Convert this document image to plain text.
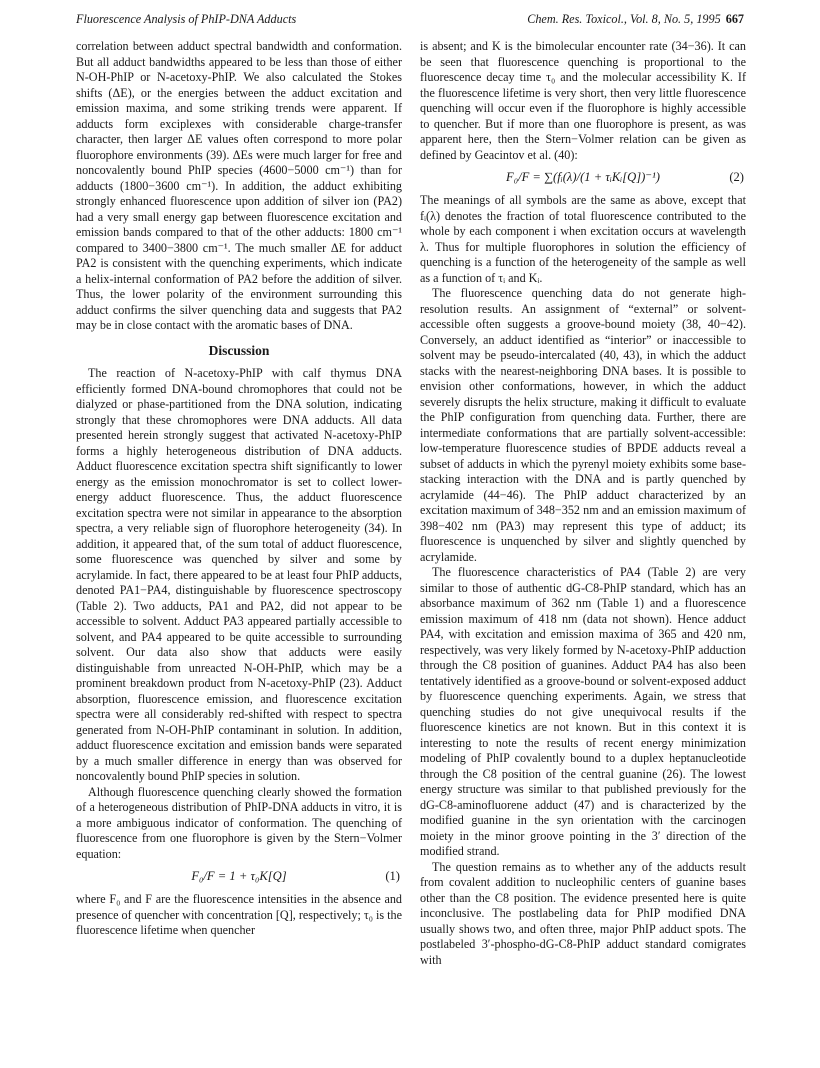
Fluorescence Analysis of PhIP-DNA Adducts	Chem. Res. Toxicol., Vol. 8, No. 5, 1995 667

correlation between adduct spectral bandwidth and conformation. But all adduct bandwidths appeared to be less than those of either N-OH-PhIP or N-acetoxy-PhIP. We also calculated the Stokes shifts (ΔE), or the energies between the adduct excitation and emission maxima, and some striking trends were apparent. If adducts form exciplexes with considerable charge-transfer character, then larger ΔE values often correspond to more polar fluorophore environments (39). ΔEs were much larger for free and noncovalently bound PhIP species (4600−5000 cm⁻¹) than for adducts (1800−3600 cm⁻¹). In addition, the adduct exhibiting strongly enhanced fluorescence upon addition of silver ion (PA2) had a very small energy gap between fluorescence excitation and emission bands compared to that of the other adducts: 1800 cm⁻¹ compared to 3400−3800 cm⁻¹. The much smaller ΔE for adduct PA2 is consistent with the quenching experiments, which indicate a helix-internal conformation of PA2 before the addition of silver. Thus, the lower polarity of the environment surrounding this adduct confirms the silver quenching data and suggests that PA2 may be in close contact with the aromatic bases of DNA.

Discussion

The reaction of N-acetoxy-PhIP with calf thymus DNA efficiently formed DNA-bound chromophores that could not be dialyzed or phase-partitioned from the DNA solution, indicating strongly that these chromophores were DNA adducts. All data presented herein strongly suggest that activated N-acetoxy-PhIP forms a highly heterogeneous distribution of DNA adducts. Adduct fluorescence excitation spectra shift significantly to lower energy as the emission monochromator is set to collect lower-energy adduct fluorescence. Thus, the adduct fluorescence excitation spectra were not similar in appearance to the absorption spectra, a very reliable sign of fluorophore heterogeneity (34). In addition, it appeared that, of the sum total of adduct fluorescence, some fluorescence was quenched by silver and some by acrylamide. In fact, there appeared to be at least four PhIP adducts, denoted PA1−PA4, distinguishable by fluorescence spectroscopy (Table 2). Two adducts, PA1 and PA2, did not appear to be accessible to solvent. Adduct PA3 appeared partially accessible to solvent, and PA4 appeared to be quite accessible to surrounding solvent. Our data also show that adducts were easily distinguishable from unreacted N-OH-PhIP, which may be a prominent breakdown product from N-acetoxy-PhIP (23). Adduct absorption, fluorescence emission, and fluorescence excitation spectra were all considerably red-shifted with respect to spectra generated from N-OH-PhIP contaminant in solution. In addition, adduct fluorescence excitation and emission bands were separated by a much smaller difference in energy than was observed for noncovalently bound PhIP species in solution.

Although fluorescence quenching clearly showed the formation of a heterogeneous distribution of PhIP-DNA adducts in vitro, it is a more ambiguous indicator of conformation. The quenching of fluorescence from one fluorophore is given by the Stern−Volmer equation:

F₀/F = 1 + τ₀K[Q]	(1)

where F₀ and F are the fluorescence intensities in the absence and presence of quencher with concentration [Q], respectively; τ₀ is the fluorescence lifetime when quencher

is absent; and K is the bimolecular encounter rate (34−36). It can be seen that fluorescence quenching is proportional to the fluorescence decay time τ₀ and the molecular accessibility K. If the fluorescence lifetime is very short, then very little fluorescence quenching will occur even if the fluorophore is highly accessible to quencher. But if more than one fluorophore is present, as was apparent here, then the Stern−Volmer relation can be given as defined by Geacintov et al. (40):

F₀/F = ∑(fᵢ(λ)/(1 + τᵢKᵢ[Q])⁻¹)	(2)

The meanings of all symbols are the same as above, except that fᵢ(λ) denotes the fraction of total fluorescence contributed to the whole by each component i when excitation occurs at wavelength λ. Thus for multiple fluorophores in solution the efficiency of quenching is a function of the heterogeneity of the sample as well as a function of τᵢ and Kᵢ.

The fluorescence quenching data do not generate high-resolution results. An assignment of “external” or solvent-accessible often suggests a groove-bound moiety (38, 40−42). Conversely, an adduct identified as “interior” or inaccessible to solvent may be pseudo-intercalated (40, 43), in which the adduct stacks with the nearest-neighboring DNA bases. It is possible to envision other conformations, however, in which the adduct severely disrupts the helix structure, making it difficult to evaluate the PhIP configuration from quenching data. Further, there are intermediate conformations that are partially solvent-accessible: low-temperature fluorescence studies of BPDE adducts reveal a subset of adducts in which the pyrenyl moiety exhibits some base-stacking interaction with the DNA and is partly quenched by acrylamide (44−46). The PhIP adduct characterized by an excitation maximum of 348−352 nm and an emission maximum of 398−402 nm (PA3) may represent this type of adduct; its fluorescence is unquenched by silver and slightly quenched by acrylamide.

The fluorescence characteristics of PA4 (Table 2) are very similar to those of authentic dG-C8-PhIP standard, which has an absorbance maximum of 362 nm (Table 1) and a fluorescence emission maximum of 418 nm (data not shown). Hence adduct PA4, with excitation and emission maxima of 365 and 420 nm, respectively, was very likely formed by N-acetoxy-PhIP adduction through the C8 position of guanines. Adduct PA4 has also been tentatively identified as a groove-bound or solvent-exposed adduct by fluorescence quenching experiments. Again, we stress that quenching studies do not give unequivocal results if the fluorescence kinetics are not known. But in this context it is interesting to note the results of recent energy minimization modeling of PhIP covalently bound to a duplex heptanucleotide through the C8 position of the central guanine (26). The lowest energy structure was similar to that published previously for the dG-C8-aminofluorene adduct (47) and is characterized by the modified guanine in the syn orientation with the carcinogen moiety in the minor groove pointing in the 3′ direction of the modified strand.

The question remains as to whether any of the adducts result from covalent addition to nucleophilic centers of guanine bases other than the C8 position. The evidence presented here is quite inconclusive. The postlabeling data for PhIP modified DNA usually shows two, and often three, major PhIP adduct spots. The postlabeled 3′-phospho-dG-C8-PhIP adduct standard comigrates with
